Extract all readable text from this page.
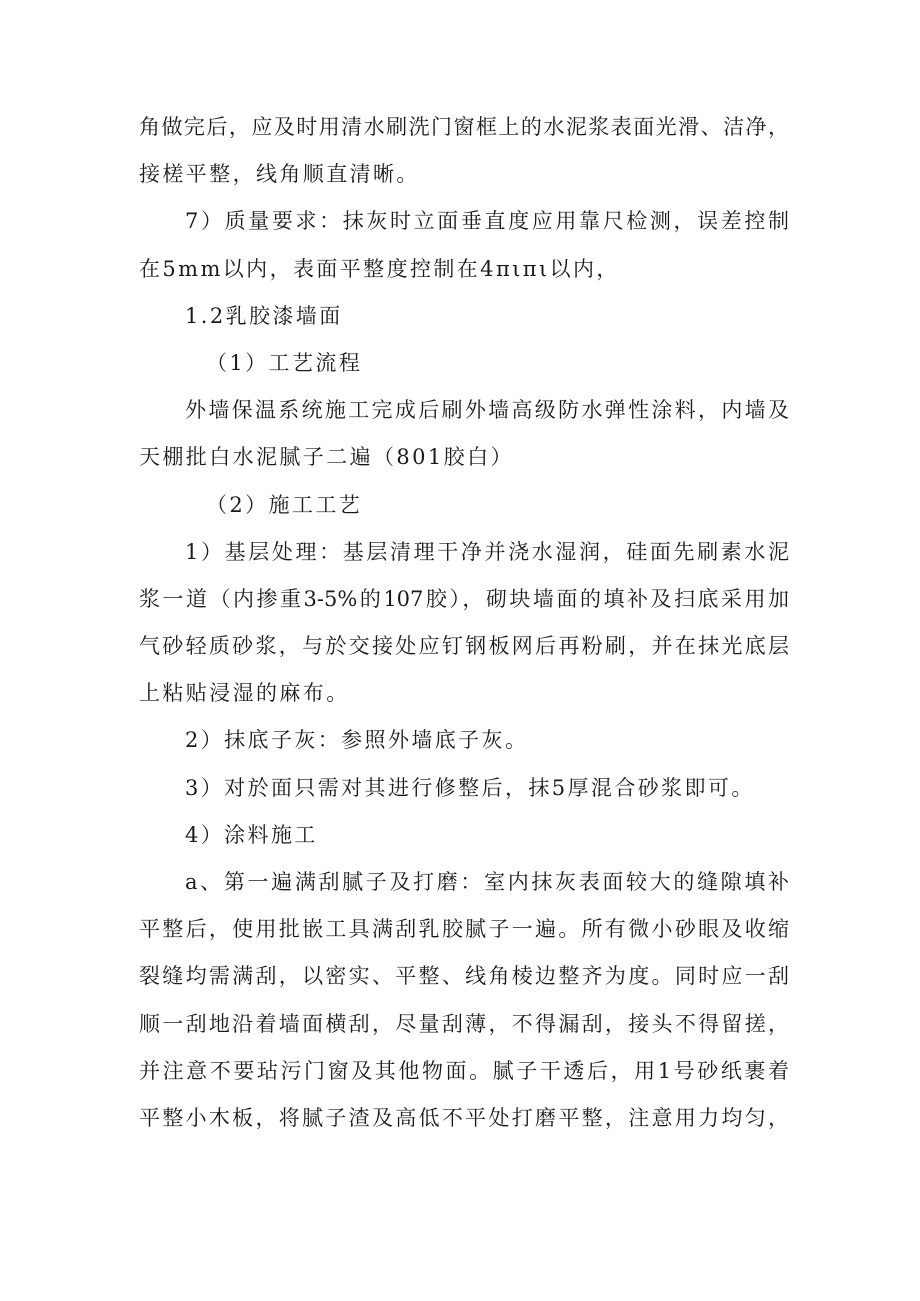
角做完后，应及时用清水刷洗门窗框上的水泥浆表面光滑、洁净，
接槎平整，线角顺直清晰。
7）质量要求：抹灰时立面垂直度应用靠尺检测，误差控制
在5mm以内，表面平整度控制在4πιπι以内，
1.2乳胶漆墙面
（1）工艺流程
外墙保温系统施工完成后刷外墙高级防水弹性涂料，内墙及
天棚批白水泥腻子二遍（801胶白）
（2）施工工艺
1）基层处理：基层清理干净并浇水湿润，硅面先刷素水泥
浆一道（内掺重3-5%的107胶），砌块墙面的填补及扫底采用加
气砂轻质砂浆，与於交接处应钉钢板网后再粉刷，并在抹光底层
上粘贴浸湿的麻布。
2）抹底子灰：参照外墙底子灰。
3）对於面只需对其进行修整后，抹5厚混合砂浆即可。
4）涂料施工
a、第一遍满刮腻子及打磨：室内抹灰表面较大的缝隙填补
平整后，使用批嵌工具满刮乳胶腻子一遍。所有微小砂眼及收缩
裂缝均需满刮，以密实、平整、线角棱边整齐为度。同时应一刮
顺一刮地沿着墙面横刮，尽量刮薄，不得漏刮，接头不得留搓，
并注意不要玷污门窗及其他物面。腻子干透后，用1号砂纸裹着
平整小木板，将腻子渣及高低不平处打磨平整，注意用力均匀，
